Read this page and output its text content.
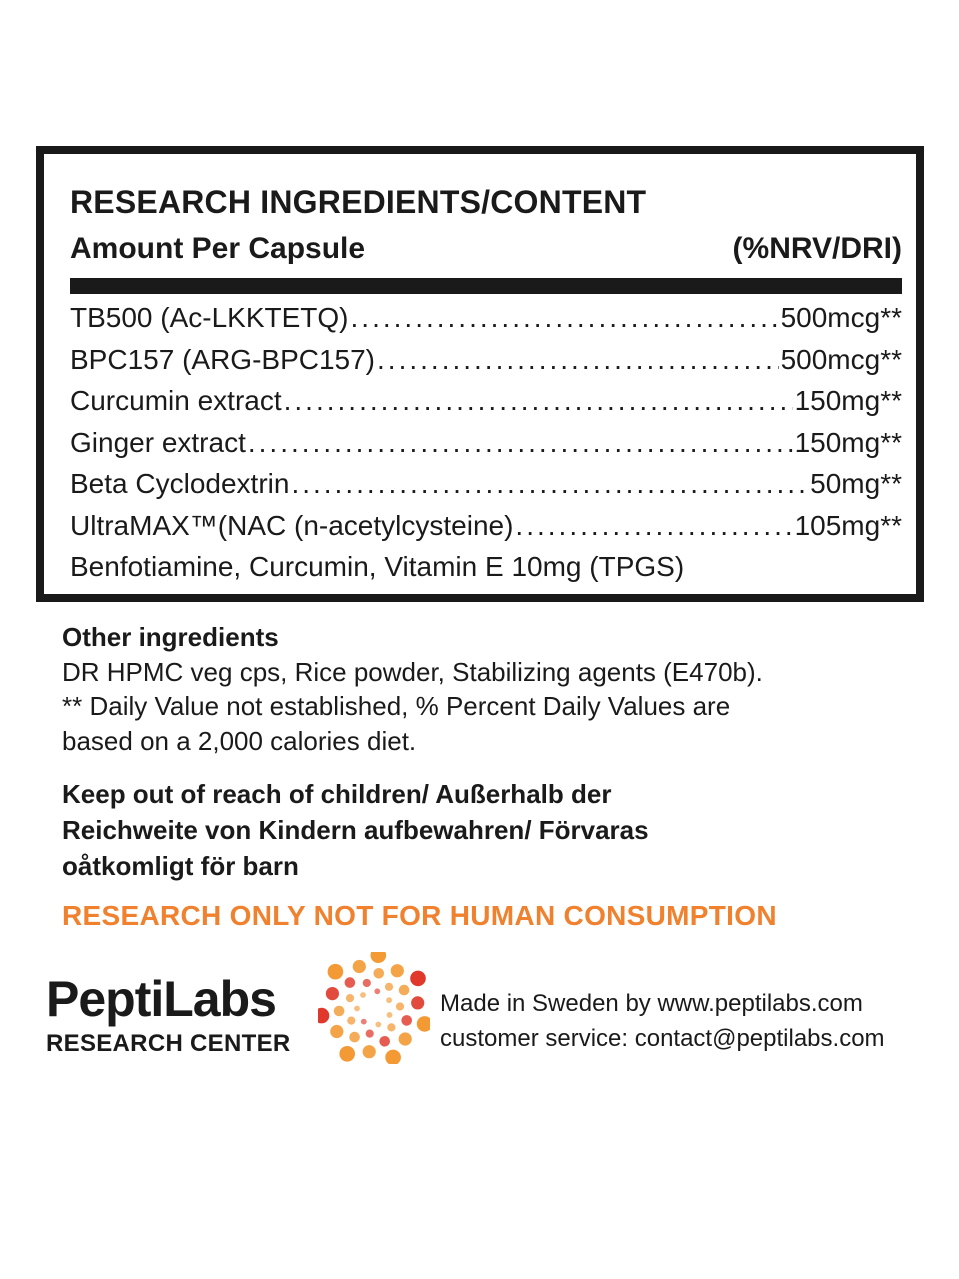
RESEARCH INGREDIENTS/CONTENT
Amount Per Capsule	(%NRV/DRI)
TB500 (Ac-LKKTETQ) .....	500mcg**
BPC157 (ARG-BPC157) .....	500mcg**
Curcumin extract .....	150mg**
Ginger extract .....	150mg**
Beta Cyclodextrin .....	50mg**
UltraMAX™(NAC (n-acetylcysteine) .....	105mg**
Benfotiamine, Curcumin, Vitamin E 10mg (TPGS)
Other ingredients
DR HPMC veg cps, Rice powder, Stabilizing agents (E470b).
** Daily Value not established, % Percent Daily Values are
based on a 2,000 calories diet.
Keep out of reach of children/ Außerhalb der
Reichweite von Kindern aufbewahren/ Förvaras
oåtkomligt för barn
RESEARCH ONLY NOT FOR HUMAN CONSUMPTION
PeptiLabs
RESEARCH CENTER
Made in Sweden by www.peptilabs.com
customer service: contact@peptilabs.com
